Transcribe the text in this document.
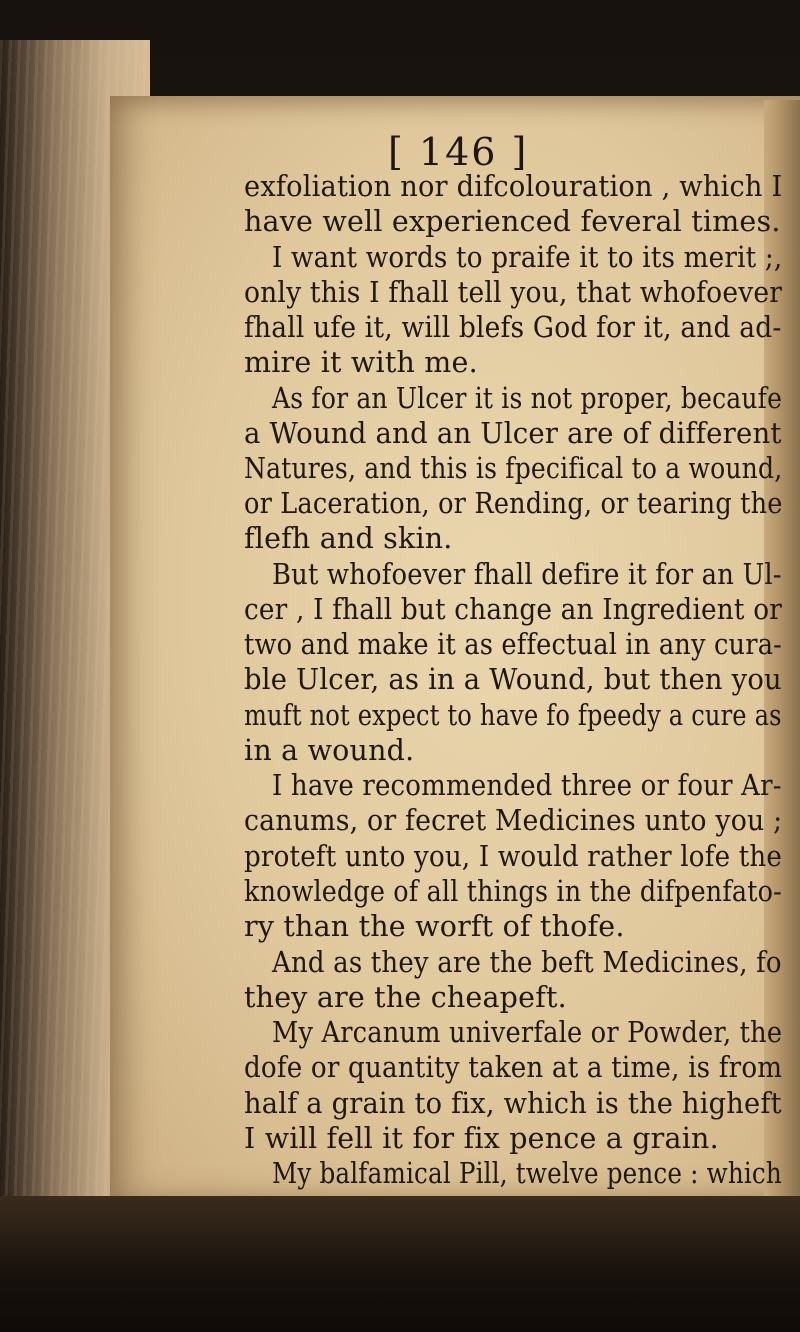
[ 146 ]
exfoliation nor difcolouration , which I
have well experienced feveral times.
I want words to praife it to its merit ;,
only this I fhall tell you, that whofoever
fhall ufe it, will blefs God for it, and ad-
mire it with me.
As for an Ulcer it is not proper, becaufe
a Wound and an Ulcer are of different
Natures, and this is fpecifical to a wound,
or Laceration, or Rending, or tearing the
flefh and skin.
But whofoever fhall defire it for an Ul-
cer , I fhall but change an Ingredient or
two and make it as effectual in any cura-
ble Ulcer, as in a Wound, but then you
muft not expect to have fo fpeedy a cure as
in a wound.
I have recommended three or four Ar-
canums, or fecret Medicines unto you ;
proteft unto you, I would rather lofe the
knowledge of all things in the difpenfato-
ry than the worft of thofe.
And as they are the beft Medicines, fo
they are the cheapeft.
My Arcanum univerfale or Powder, the
dofe or quantity taken at a time, is from
half a grain to fix, which is the higheft
I will fell it for fix pence a grain.
My balfamical Pill, twelve pence : which
